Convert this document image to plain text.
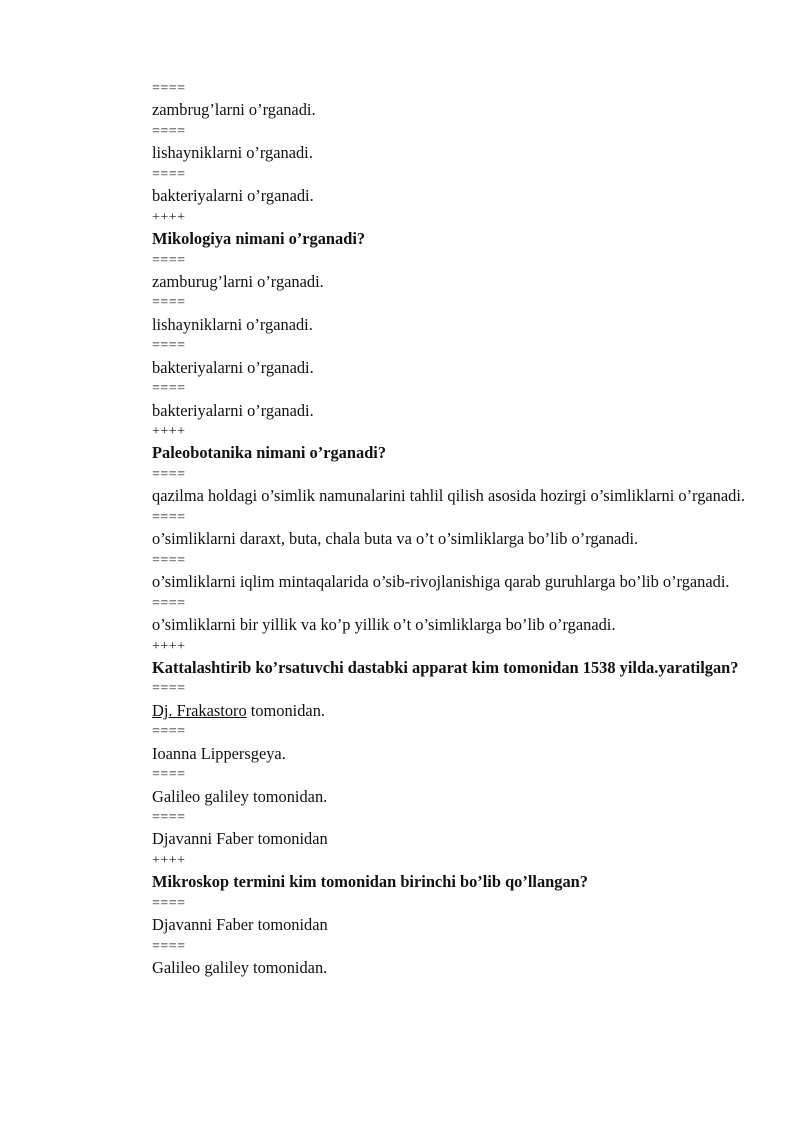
====
zambrug’larni o’rganadi.
====
lishayniklarni o’rganadi.
====
bakteriyalarni o’rganadi.
++++
Mikologiya nimani o’rganadi?
====
zamburug’larni o’rganadi.
====
lishayniklarni o’rganadi.
====
bakteriyalarni o’rganadi.
====
bakteriyalarni o’rganadi.
++++
Paleobotanika nimani o’rganadi?
====
qazilma holdagi o’simlik namunalarini tahlil qilish asosida hozirgi o’simliklarni o’rganadi.
====
o’simliklarni daraxt, buta, chala buta va o’t o’simliklarga bo’lib o’rganadi.
====
o’simliklarni iqlim mintaqalarida o’sib-rivojlanishiga qarab guruhlarga bo’lib o’rganadi.
====
o’simliklarni bir yillik va ko’p yillik o’t o’simliklarga bo’lib o’rganadi.
++++
Kattalashtirib ko’rsatuvchi dastabki apparat kim tomonidan 1538 yilda.yaratilgan?
====
Dj. Frakastoro tomonidan.
====
Ioanna Lippersgeya.
====
Galileo galiley tomonidan.
====
Djavanni Faber tomonidan
++++
Mikroskop termini kim tomonidan birinchi bo’lib qo’llangan?
====
Djavanni Faber tomonidan
====
Galileo galiley tomonidan.
